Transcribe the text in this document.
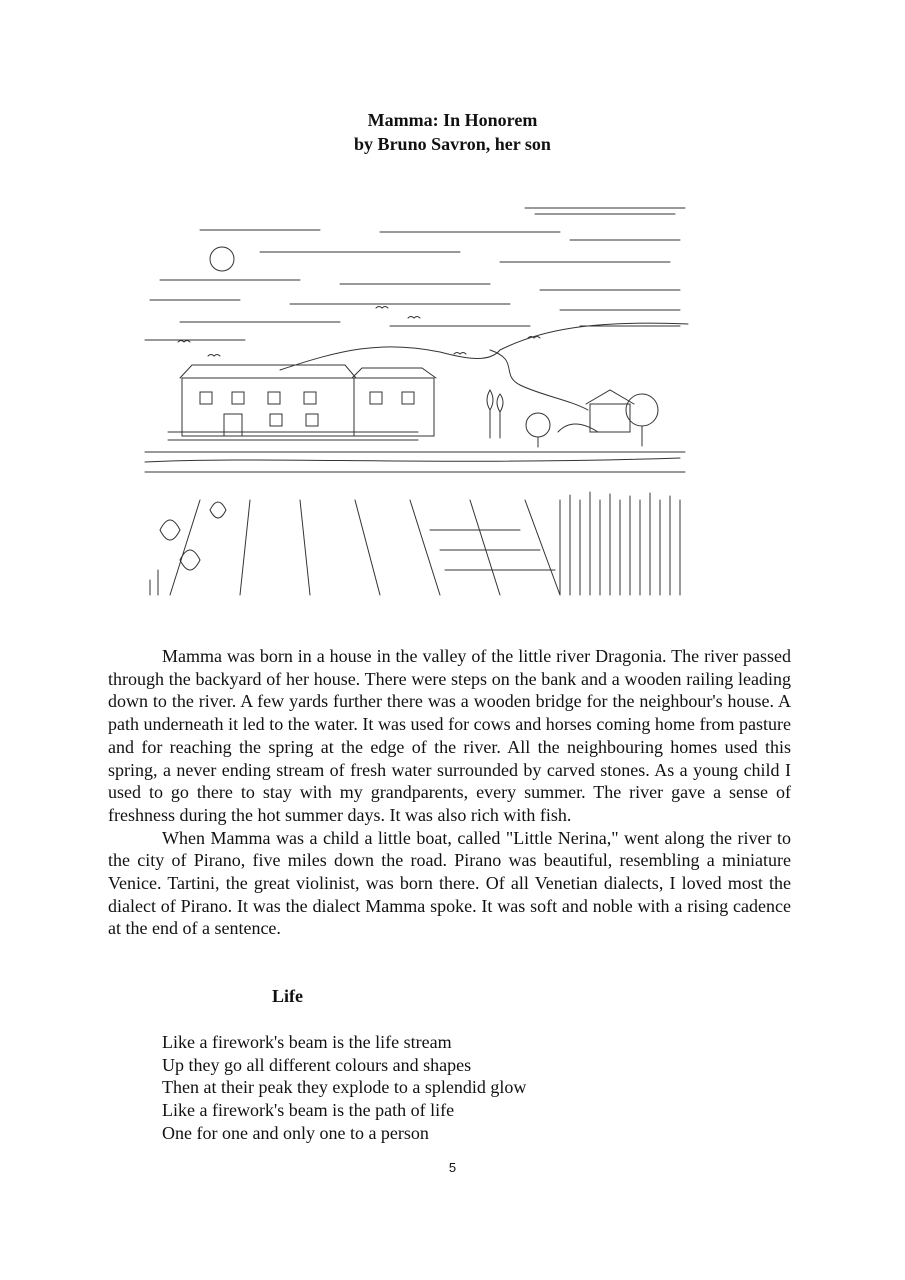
Mamma: In Honorem
by Bruno Savron, her son

Mamma was born in a house in the valley of the little river Dragonia. The river passed through the backyard of her house. There were steps on the bank and a wooden railing leading down to the river. A few yards further there was a wooden bridge for the neighbour's house. A path underneath it led to the water. It was used for cows and horses coming home from pasture and for reaching the spring at the edge of the river. All the neighbouring homes used this spring, a never ending stream of fresh water surrounded by carved stones. As a young child I used to go there to stay with my grandparents, every summer. The river gave a sense of freshness during the hot summer days. It was also rich with fish.

When Mamma was a child a little boat, called "Little Nerina," went along the river to the city of Pirano, five miles down the road. Pirano was beautiful, resembling a miniature Venice. Tartini, the great violinist, was born there. Of all Venetian dialects, I loved most the dialect of Pirano. It was the dialect Mamma spoke. It was soft and noble with a rising cadence at the end of a sentence.

Life
Like a firework's beam is the life stream
Up they go all different colours and shapes
Then at their peak they explode to a splendid glow
Like a firework's beam is the path of life
One for one and only one to a person
5
